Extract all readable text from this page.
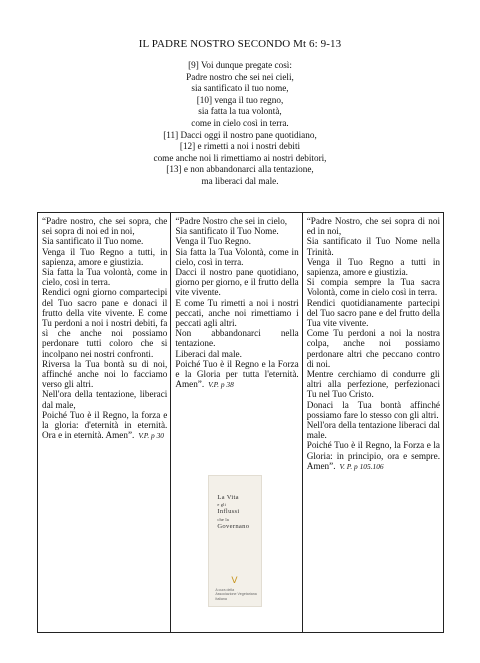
IL PADRE NOSTRO SECONDO Mt 6: 9-13
[9] Voi dunque pregate così:
Padre nostro che sei nei cieli,
sia santificato il tuo nome,
[10] venga il tuo regno,
sia fatta la tua volontà,
come in cielo così in terra.
[11] Dacci oggi il nostro pane quotidiano,
[12] e rimetti a noi i nostri debiti
come anche noi li rimettiamo ai nostri debitori,
[13] e non abbandonarci alla tentazione,
ma liberaci dal male.

“Padre nostro, che sei sopra, che sei sopra di noi ed in noi,

Sia santificato il Tuo nome.

Venga il Tuo Regno a tutti, in sapienza, amore e giustizia.

Sia fatta la Tua volontà, come in cielo, così in terra.

Rendici ogni giorno compartecipi del Tuo sacro pane e donaci il frutto della vite vivente. E come Tu perdoni a noi i nostri debiti, fa sì che anche noi possiamo perdonare tutti coloro che si incolpano nei nostri confronti.

Riversa la Tua bontà su di noi, affinché anche noi lo facciamo verso gli altri.

Nell'ora della tentazione, liberaci dal male,

Poiché Tuo è il Regno, la forza e la gloria: d'eternità in eternità. Ora e in eternità. Amen”. V.P. p 30

“Padre Nostro che sei in cielo,

Sia santificato il Tuo Nome.

Venga il Tuo Regno.

Sia fatta la Tua Volontà, come in cielo, così in terra.

Dacci il nostro pane quotidiano, giorno per giorno, e il frutto della vite vivente.

E come Tu rimetti a noi i nostri peccati, anche noi rimettiamo i peccati agli altri.

Non abbandonarci nella tentazione.

Liberaci dal male.

Poiché Tuo è il Regno e la Forza e la Gloria per tutta l'eternità. Amen”. V.P. p 38

La Vita
e gli
Influssi
che la
Governano
V
A cura della
Associazione Vegetariana Italiana

“Padre Nostro, che sei sopra di noi ed in noi,

Sia santificato il Tuo Nome nella Trinità.

Venga il Tuo Regno a tutti in sapienza, amore e giustizia.

Si compia sempre la Tua sacra Volontà, come in cielo così in terra.

Rendici quotidianamente partecipi del Tuo sacro pane e del frutto della Tua vite vivente.

Come Tu perdoni a noi la nostra colpa, anche noi possiamo perdonare altri che peccano contro di noi.

Mentre cerchiamo di condurre gli altri alla perfezione, perfezionaci Tu nel Tuo Cristo.

Donaci la Tua bontà affinché possiamo fare lo stesso con gli altri.

Nell'ora della tentazione liberaci dal male.

Poiché Tuo è il Regno, la Forza e la Gloria: in principio, ora e sempre. Amen”. V. P. p 105.106
